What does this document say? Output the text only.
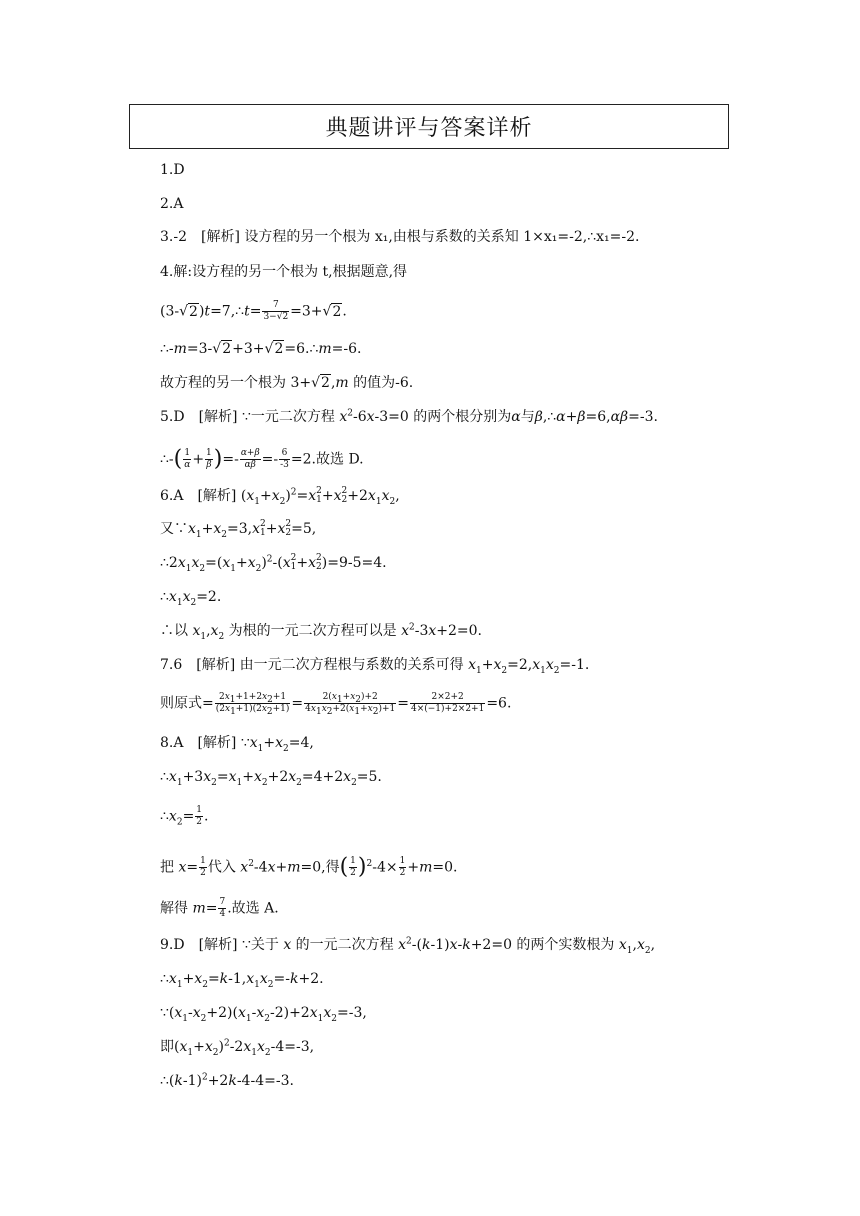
典题讲评与答案详析
1.D
2.A
3.-2　[解析] 设方程的另一个根为 x₁,由根与系数的关系知 1×x₁=-2,∴x₁=-2.
4.解:设方程的另一个根为 t,根据题意,得
(3-√2)t=7,∴t= $\frac{7}{3-√2} =3+√2$.
∴-m=3-√2+3+√2=6.∴m=-6.
故方程的另一个根为 3+√2,m 的值为-6.
5.D　[解析] ∵一元二次方程 $x^2-6x-3=0$ 的两个根分别为α与β,∴α+β=6,αβ=-3.
∴-( $\frac{1}{\alpha} + \frac{1}{\beta}$ )=- $\frac{\alpha+\beta}{\alpha\beta} =- \frac{6}{-3} =2$.故选 D.
6.A　[解析] $(x_1+x_2)^2=x$ 2
1 +x 2
$2 +2x_1x_2$,
又$\because x_1+x_2=3,x$ 2
1 +x 2
2 =5,
$\therefore 2x_1x_2=(x_1+x_2)^2-(x$ 2
1 +x 2
2 )=9-5=4.
$\therefore x_1x_2=2$.
∴以 $x_1,x_2$ 为根的一元二次方程可以是 $x^2-3x+2=0$.
7.6　[解析] 由一元二次方程根与系数的关系可得 $x_1+x_2=2,x_1x_2=-1$.
则原式= $\frac{2x_1+1+2x_2+1}{(2x_1+1)(2x_2+1)} = \frac{2(x_1+x_2)+2}{4x_1x_2+2(x_1+x_2)+1} = \frac{2\times 2+2}{4\times(-1)+2\times 2+1} =6$.
8.A　[解析] $\because x_1+x_2=4$,
$\therefore x_1+3x_2=x_1+x_2+2x_2=4+2x_2=5$.
$\therefore x_2= \frac{1}{2}$ .
把 $x= \frac{1}{2}$ 代入 $x^2-4x+m=0$,得( $\frac{1}{2} )^2-4\times \frac{1}{2} +m=0$.
解得 $m= \frac{7}{4}$ .故选 A.
9.D　[解析] ∵关于 x 的一元二次方程 $x^2-(k-1)x-k+2=0$ 的两个实数根为 $x_1,x_2$,
$\therefore x_1+x_2=k-1,x_1x_2=-k+2$.
$\because(x_1-x_2+2)(x_1-x_2-2)+2x_1x_2=-3$,
即$(x_1+x_2)^2-2x_1x_2-4=-3$,
$\therefore(k-1)^2+2k-4-4=-3$.
